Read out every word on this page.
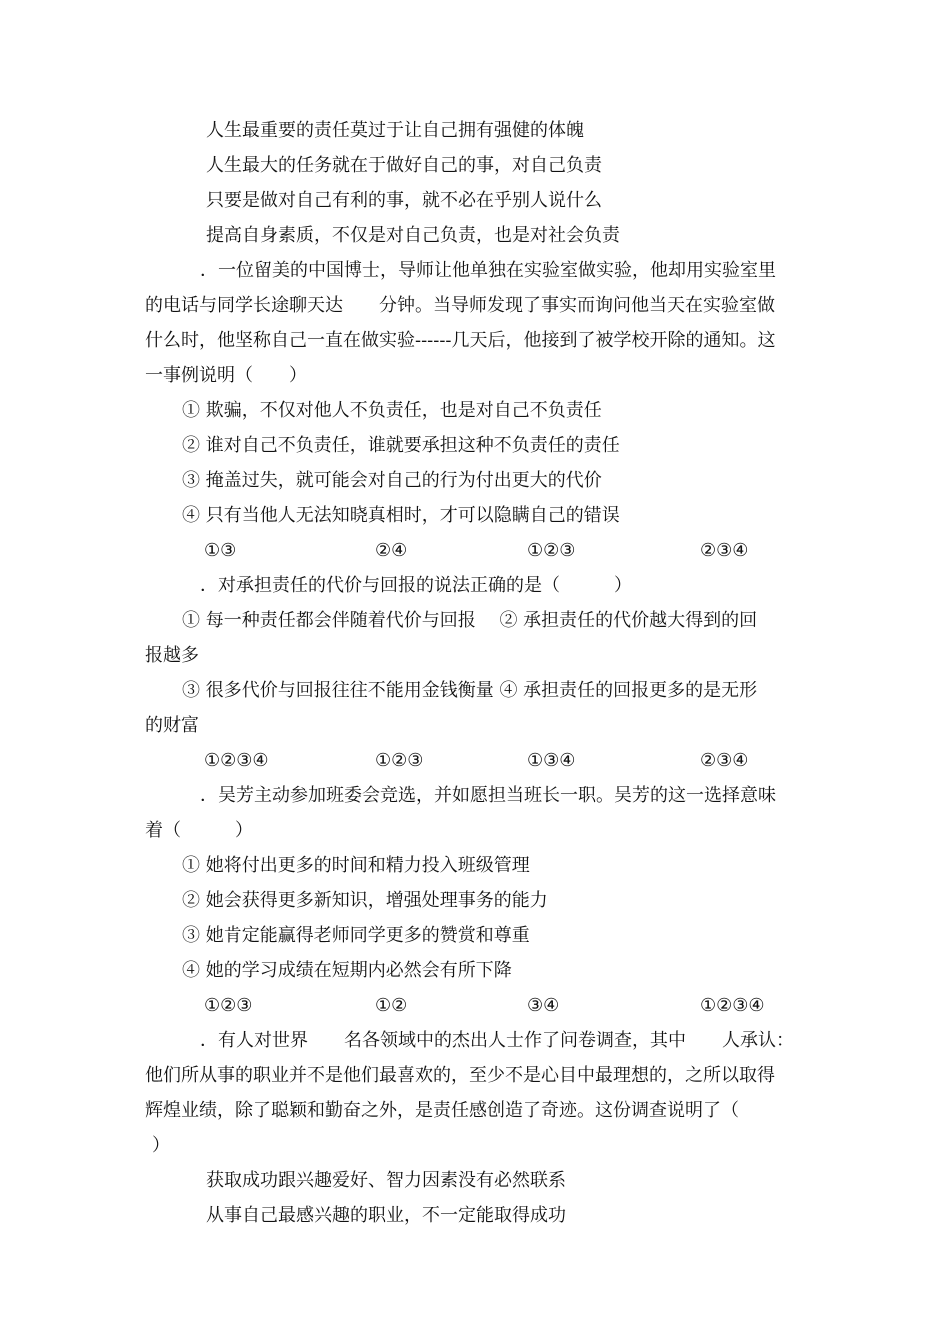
人生最重要的责任莫过于让自己拥有强健的体魄
人生最大的任务就在于做好自己的事，对自己负责
只要是做对自己有利的事，就不必在乎别人说什么
提高自身素质，不仅是对自己负责，也是对社会负责
．一位留美的中国博士，导师让他单独在实验室做实验，他却用实验室里
的电话与同学长途聊天达　　分钟。当导师发现了事实而询问他当天在实验室做
什么时，他坚称自己一直在做实验------几天后，他接到了被学校开除的通知。这
一事例说明（　　）
① 欺骗，不仅对他人不负责任，也是对自己不负责任
② 谁对自己不负责任，谁就要承担这种不负责任的责任
③ 掩盖过失，就可能会对自己的行为付出更大的代价
④ 只有当他人无法知晓真相时，才可以隐瞒自己的错误
①③	②④	①②③	②③④
．对承担责任的代价与回报的说法正确的是（　　　）
① 每一种责任都会伴随着代价与回报　 ② 承担责任的代价越大得到的回
报越多
③ 很多代价与回报往往不能用金钱衡量 ④ 承担责任的回报更多的是无形
的财富
①②③④	①②③	①③④	②③④
．吴芳主动参加班委会竞选，并如愿担当班长一职。吴芳的这一选择意味
着（　　　）
① 她将付出更多的时间和精力投入班级管理
② 她会获得更多新知识，增强处理事务的能力
③ 她肯定能赢得老师同学更多的赞赏和尊重
④ 她的学习成绩在短期内必然会有所下降
①②③	①②	③④	①②③④
．有人对世界　　名各领域中的杰出人士作了问卷调查，其中　　人承认：
他们所从事的职业并不是他们最喜欢的，至少不是心目中最理想的，之所以取得
辉煌业绩，除了聪颖和勤奋之外，是责任感创造了奇迹。这份调查说明了（
）
获取成功跟兴趣爱好、智力因素没有必然联系
从事自己最感兴趣的职业，不一定能取得成功
